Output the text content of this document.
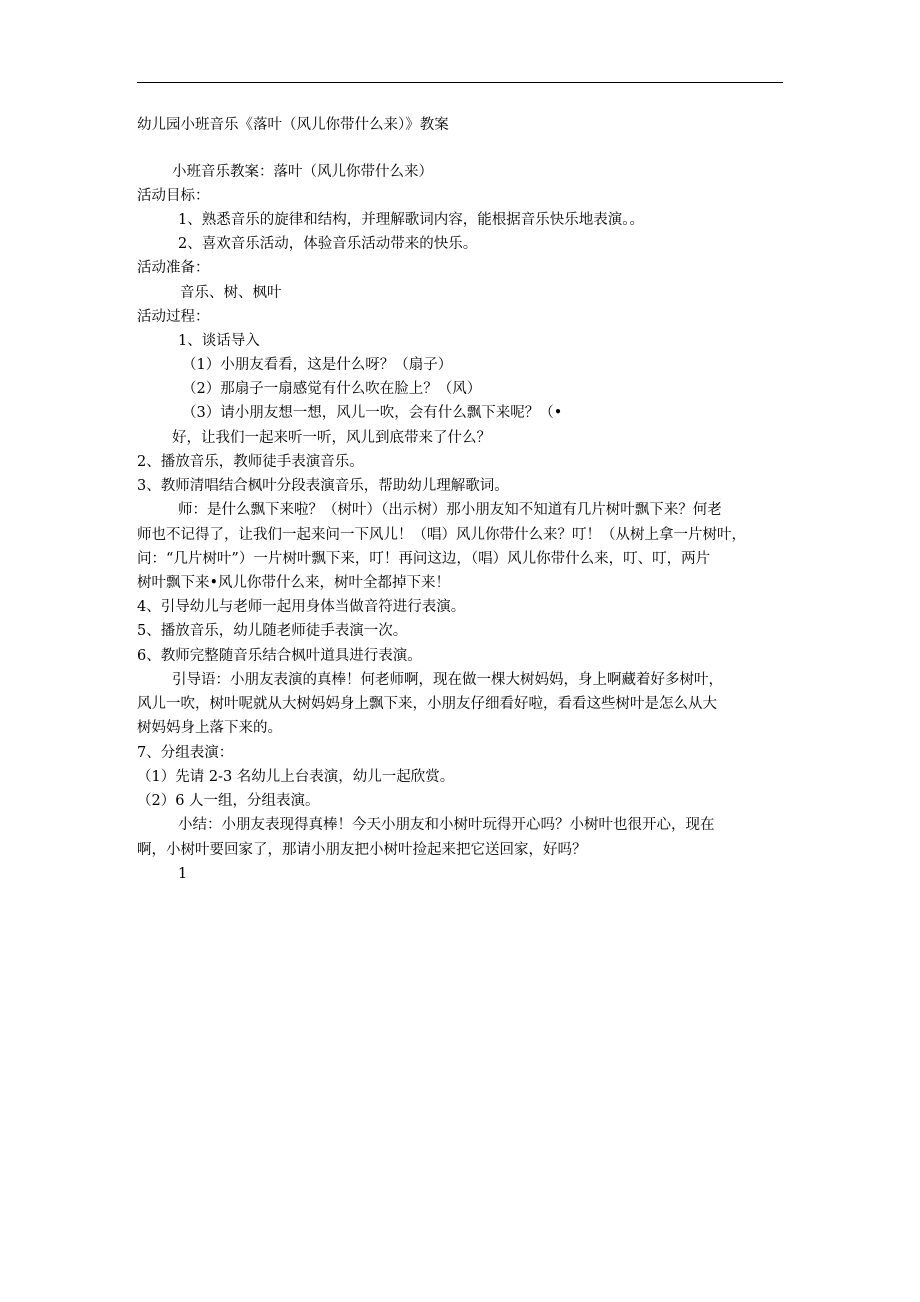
幼儿园小班音乐《落叶（风儿你带什么来）》教案

小班音乐教案：落叶（风儿你带什么来）

活动目标：

1、熟悉音乐的旋律和结构，并理解歌词内容，能根据音乐快乐地表演。。

2、喜欢音乐活动，体验音乐活动带来的快乐。

活动准备：

音乐、树、枫叶

活动过程：

1、谈话导入

（1）小朋友看看，这是什么呀？（扇子）

（2）那扇子一扇感觉有什么吹在脸上？（风）

（3）请小朋友想一想，风儿一吹，会有什么飘下来呢？（•

好，让我们一起来听一听，风儿到底带来了什么？

2、播放音乐，教师徒手表演音乐。

3、教师清唱结合枫叶分段表演音乐，帮助幼儿理解歌词。

师：是什么飘下来啦？（树叶）（出示树）那小朋友知不知道有几片树叶飘下来？何老

师也不记得了，让我们一起来问一下风儿！（唱）风儿你带什么来？叮！（从树上拿一片树叶，

问：“几片树叶”）一片树叶飘下来，叮！再问这边，（唱）风儿你带什么来，叮、叮，两片

树叶飘下来•风儿你带什么来，树叶全都掉下来！

4、引导幼儿与老师一起用身体当做音符进行表演。

5、播放音乐，幼儿随老师徒手表演一次。

6、教师完整随音乐结合枫叶道具进行表演。

引导语：小朋友表演的真棒！何老师啊，现在做一棵大树妈妈，身上啊藏着好多树叶，

风儿一吹，树叶呢就从大树妈妈身上飘下来，小朋友仔细看好啦，看看这些树叶是怎么从大

树妈妈身上落下来的。

7、分组表演：

（1）先请 2-3 名幼儿上台表演，幼儿一起欣赏。

（2）6 人一组，分组表演。

小结：小朋友表现得真棒！今天小朋友和小树叶玩得开心吗？小树叶也很开心，现在

啊，小树叶要回家了，那请小朋友把小树叶捡起来把它送回家，好吗？

1
